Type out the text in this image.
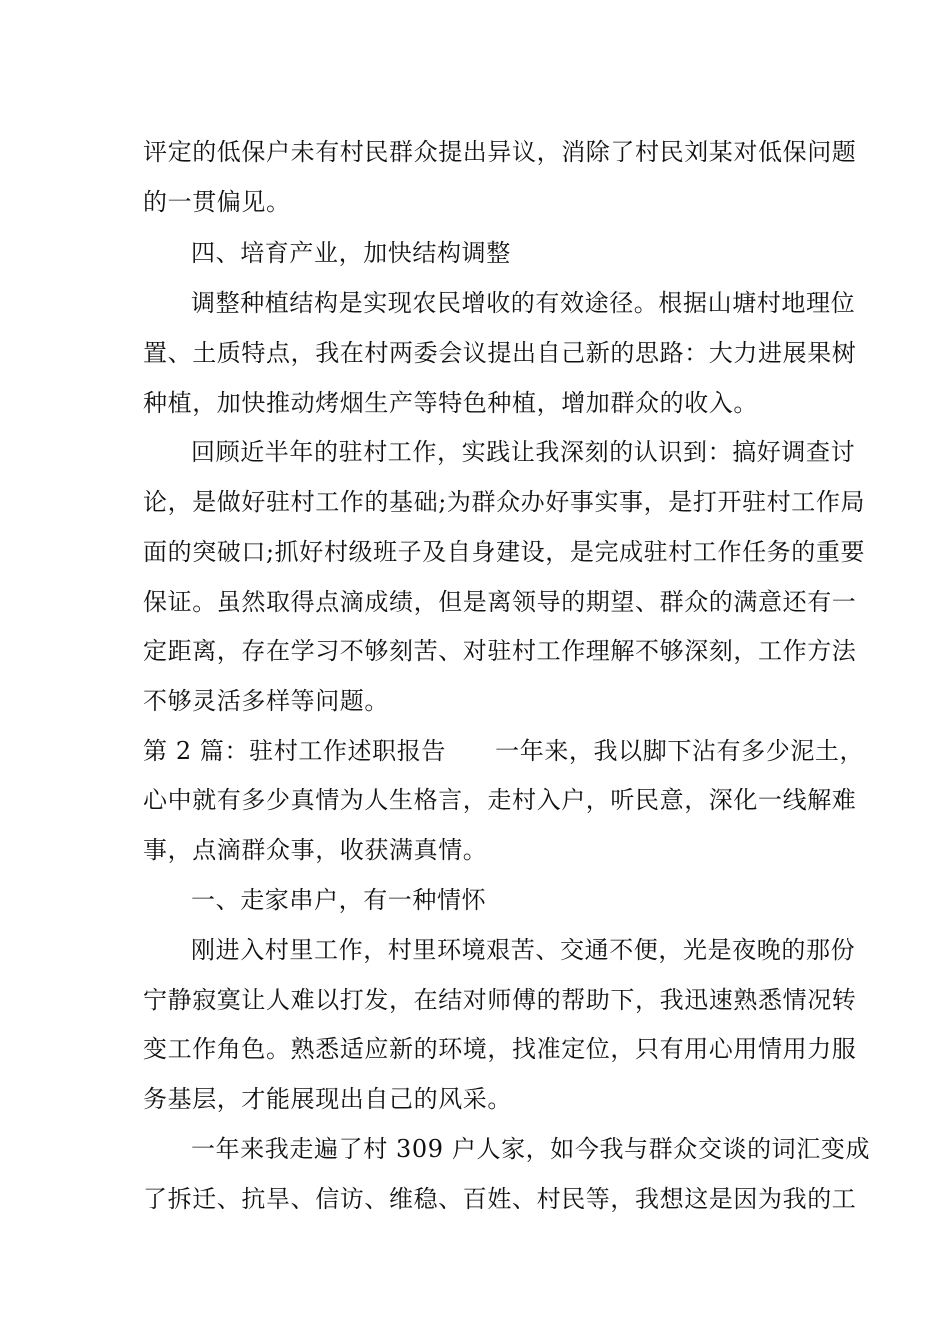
评定的低保户未有村民群众提出异议，消除了村民刘某对低保问题
的一贯偏见。
四、培育产业，加快结构调整
调整种植结构是实现农民增收的有效途径。根据山塘村地理位
置、土质特点，我在村两委会议提出自己新的思路：大力进展果树
种植，加快推动烤烟生产等特色种植，增加群众的收入。
回顾近半年的驻村工作，实践让我深刻的认识到：搞好调查讨
论，是做好驻村工作的基础;为群众办好事实事，是打开驻村工作局
面的突破口;抓好村级班子及自身建设，是完成驻村工作任务的重要
保证。虽然取得点滴成绩，但是离领导的期望、群众的满意还有一
定距离，存在学习不够刻苦、对驻村工作理解不够深刻，工作方法
不够灵活多样等问题。
第 2 篇：驻村工作述职报告　　一年来，我以脚下沾有多少泥土，
心中就有多少真情为人生格言，走村入户，听民意，深化一线解难
事，点滴群众事，收获满真情。
一、走家串户，有一种情怀
刚进入村里工作，村里环境艰苦、交通不便，光是夜晚的那份
宁静寂寞让人难以打发，在结对师傅的帮助下，我迅速熟悉情况转
变工作角色。熟悉适应新的环境，找准定位，只有用心用情用力服
务基层，才能展现出自己的风采。
一年来我走遍了村 309 户人家，如今我与群众交谈的词汇变成
了拆迁、抗旱、信访、维稳、百姓、村民等，我想这是因为我的工
